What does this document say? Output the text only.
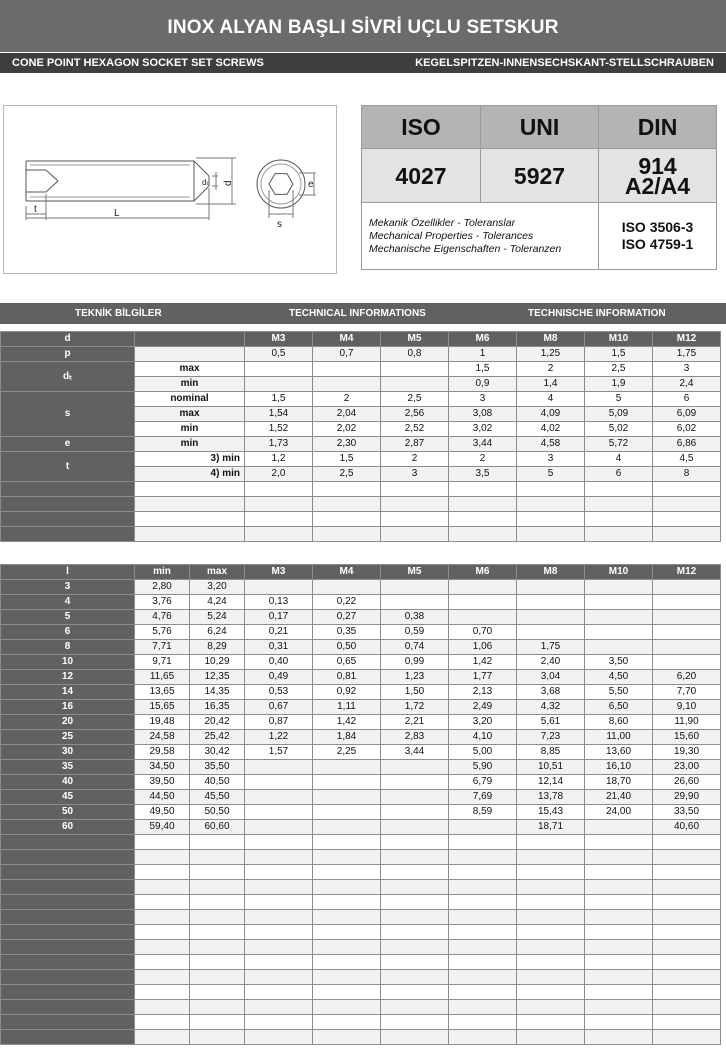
INOX ALYAN BAŞLI SİVRİ UÇLU SETSKUR
CONE POINT HEXAGON SOCKET SET SCREWS	KEGELSPITZEN-INNENSECHSKANT-STELLSCHRAUBEN
t	L
d
dₜ
s
e
ISO	UNI	DIN
4027	5927	914
A2/A4
Mekanik Özellikler - Toleranslar
Mechanical Properties - Tolerances
Mechanische Eigenschaften - Toleranzen		ISO 3506-3
ISO 4759-1
TEKNİK BİLGİLER	TECHNICAL INFORMATIONS	TECHNISCHE INFORMATION
d		M3	M4	M5	M6	M8	M10	M12
p		0,5	0,7	0,8	1	1,25	1,5	1,75
dₜ	max				1,5	2	2,5	3
	min				0,9	1,4	1,9	2,4
s	nominal	1,5	2	2,5	3	4	5	6
	max	1,54	2,04	2,56	3,08	4,09	5,09	6,09
	min	1,52	2,02	2,52	3,02	4,02	5,02	6,02
e	min	1,73	2,30	2,87	3,44	4,58	5,72	6,86
t	3) min	1,2	1,5	2	2	3	4	4,5
	4) min	2,0	2,5	3	3,5	5	6	8

l	min	max	M3	M4	M5	M6	M8	M10	M12
3	2,80	3,20							
4	3,76	4,24	0,13	0,22					
5	4,76	5,24	0,17	0,27	0,38				
6	5,76	6,24	0,21	0,35	0,59	0,70			
8	7,71	8,29	0,31	0,50	0,74	1,06	1,75		
10	9,71	10,29	0,40	0,65	0,99	1,42	2,40	3,50	
12	11,65	12,35	0,49	0,81	1,23	1,77	3,04	4,50	6,20
14	13,65	14,35	0,53	0,92	1,50	2,13	3,68	5,50	7,70
16	15,65	16,35	0,67	1,11	1,72	2,49	4,32	6,50	9,10
20	19,48	20,42	0,87	1,42	2,21	3,20	5,61	8,60	11,90
25	24,58	25,42	1,22	1,84	2,83	4,10	7,23	11,00	15,60
30	29,58	30,42	1,57	2,25	3,44	5,00	8,85	13,60	19,30
35	34,50	35,50				5,90	10,51	16,10	23,00
40	39,50	40,50				6,79	12,14	18,70	26,60
45	44,50	45,50				7,69	13,78	21,40	29,90
50	49,50	50,50				8,59	15,43	24,00	33,50
60	59,40	60,60					18,71		40,60
